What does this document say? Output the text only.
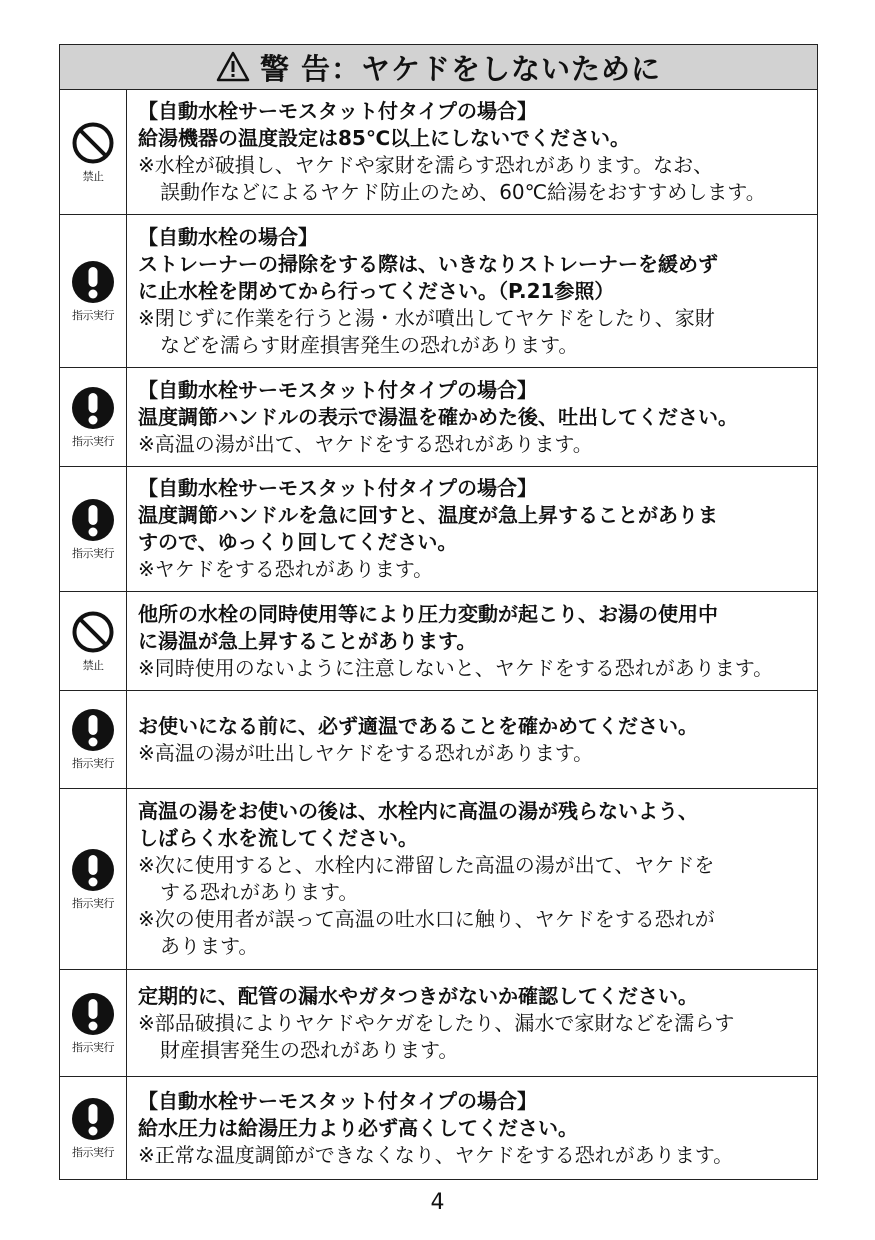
警 告：ヤケドをしないために
禁止
【自動水栓サーモスタット付タイプの場合】
給湯機器の温度設定は85℃以上にしないでください。
※水栓が破損し、ヤケドや家財を濡らす恐れがあります。なお、
誤動作などによるヤケド防止のため、60℃給湯をおすすめします。
指示実行
【自動水栓の場合】
ストレーナーの掃除をする際は、いきなりストレーナーを緩めず
に止水栓を閉めてから行ってください。（P.21参照）
※閉じずに作業を行うと湯・水が噴出してヤケドをしたり、家財
などを濡らす財産損害発生の恐れがあります。
指示実行
【自動水栓サーモスタット付タイプの場合】
温度調節ハンドルの表示で湯温を確かめた後、吐出してください。
※高温の湯が出て、ヤケドをする恐れがあります。
指示実行
【自動水栓サーモスタット付タイプの場合】
温度調節ハンドルを急に回すと、温度が急上昇することがありま
すので、ゆっくり回してください。
※ヤケドをする恐れがあります。
禁止
他所の水栓の同時使用等により圧力変動が起こり、お湯の使用中
に湯温が急上昇することがあります。
※同時使用のないように注意しないと、ヤケドをする恐れがあります。
指示実行
お使いになる前に、必ず適温であることを確かめてください。
※高温の湯が吐出しヤケドをする恐れがあります。
指示実行
高温の湯をお使いの後は、水栓内に高温の湯が残らないよう、
しばらく水を流してください。
※次に使用すると、水栓内に滞留した高温の湯が出て、ヤケドを
する恐れがあります。
※次の使用者が誤って高温の吐水口に触り、ヤケドをする恐れが
あります。
指示実行
定期的に、配管の漏水やガタつきがないか確認してください。
※部品破損によりヤケドやケガをしたり、漏水で家財などを濡らす
財産損害発生の恐れがあります。
指示実行
【自動水栓サーモスタット付タイプの場合】
給水圧力は給湯圧力より必ず高くしてください。
※正常な温度調節ができなくなり、ヤケドをする恐れがあります。
4
